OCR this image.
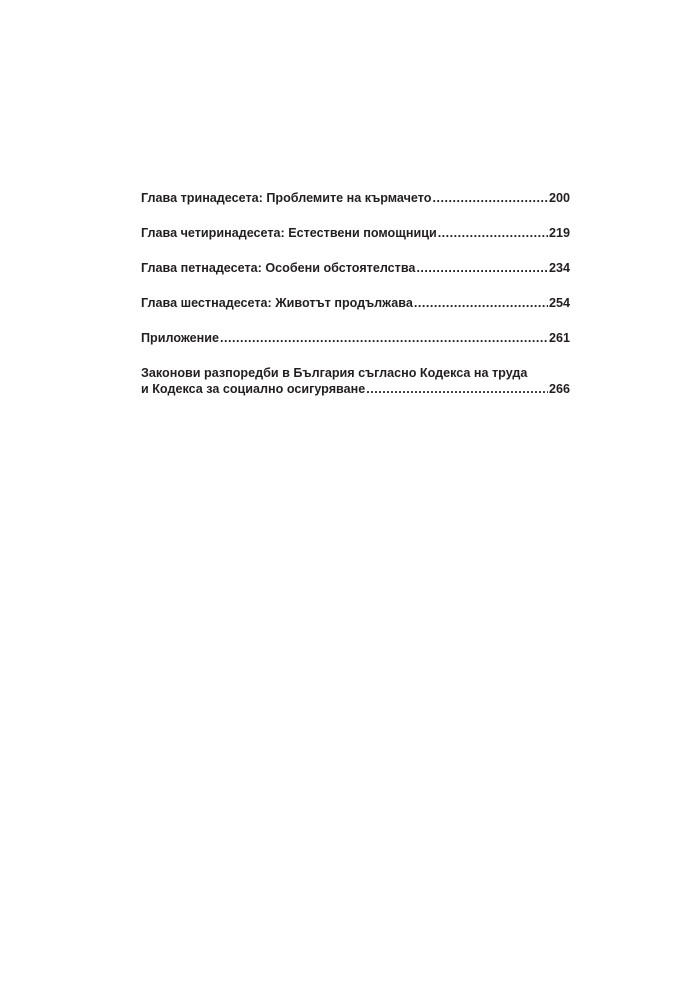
Глава тринадесета: Проблемите на кърмачето .....	200
Глава четиринадесета: Естествени помощници .....	219
Глава петнадесета: Особени обстоятелства .....	234
Глава шестнадесета: Животът продължава .....	254
Приложение .....	261
Законови разпоредби в България съгласно Кодекса на труда
и Кодекса за социално осигуряване .....	266
